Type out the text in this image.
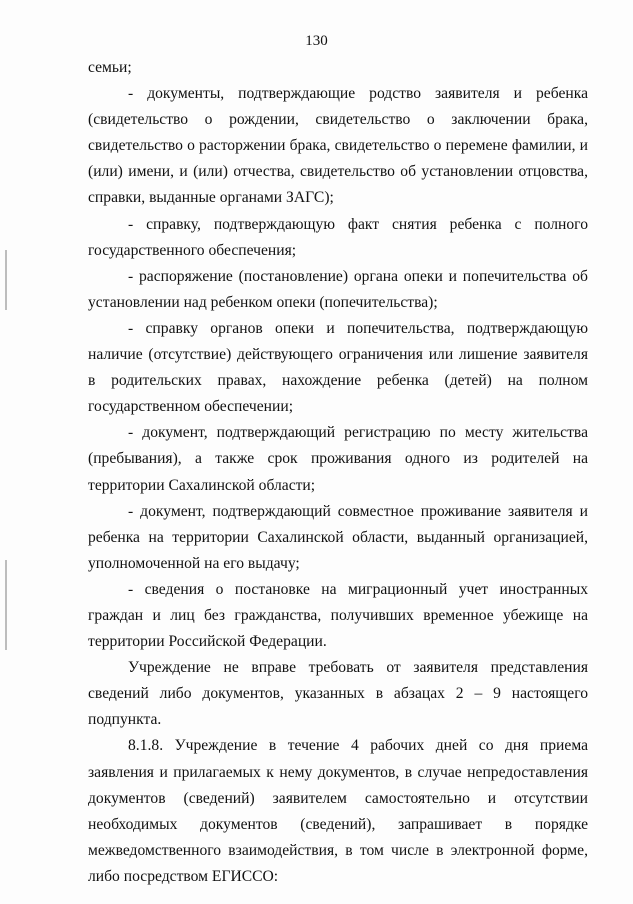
130

семьи;

- документы, подтверждающие родство заявителя и ребенка (свидетельство о рождении, свидетельство о заключении брака, свидетельство о расторжении брака, свидетельство о перемене фамилии, и (или) имени, и (или) отчества, свидетельство об установлении отцовства, справки, выданные органами ЗАГС);

- справку, подтверждающую факт снятия ребенка с полного государственного обеспечения;

- распоряжение (постановление) органа опеки и попечительства об установлении над ребенком опеки (попечительства);

- справку органов опеки и попечительства, подтверждающую наличие (отсутствие) действующего ограничения или лишение заявителя в родительских правах, нахождение ребенка (детей) на полном государственном обеспечении;

- документ, подтверждающий регистрацию по месту жительства (пребывания), а также срок проживания одного из родителей на территории Сахалинской области;

- документ, подтверждающий совместное проживание заявителя и ребенка на территории Сахалинской области, выданный организацией, уполномоченной на его выдачу;

- сведения о постановке на миграционный учет иностранных граждан и лиц без гражданства, получивших временное убежище на территории Российской Федерации.

Учреждение не вправе требовать от заявителя представления сведений либо документов, указанных в абзацах 2 – 9 настоящего подпункта.

8.1.8. Учреждение в течение 4 рабочих дней со дня приема заявления и прилагаемых к нему документов, в случае непредоставления документов (сведений) заявителем самостоятельно и отсутствии необходимых документов (сведений), запрашивает в порядке межведомственного взаимодействия, в том числе в электронной форме, либо посредством ЕГИССО:
